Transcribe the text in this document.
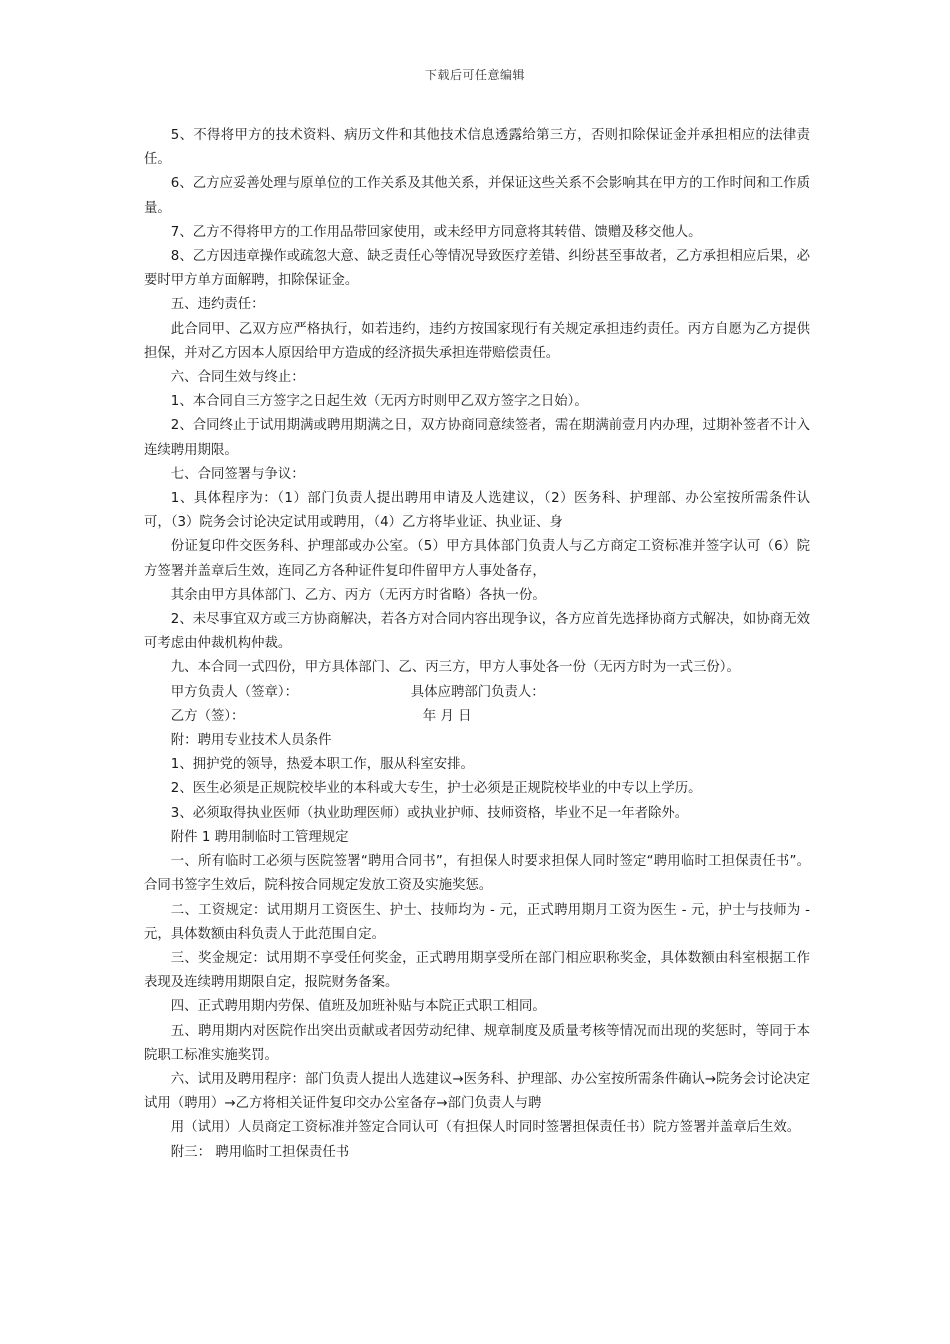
下载后可任意编辑

5、不得将甲方的技术资料、病历文件和其他技术信息透露给第三方，否则扣除保证金并承担相应的法律责任。

6、乙方应妥善处理与原单位的工作关系及其他关系，并保证这些关系不会影响其在甲方的工作时间和工作质量。

7、乙方不得将甲方的工作用品带回家使用，或未经甲方同意将其转借、馈赠及移交他人。

8、乙方因违章操作或疏忽大意、缺乏责任心等情况导致医疗差错、纠纷甚至事故者，乙方承担相应后果，必要时甲方单方面解聘，扣除保证金。

五、违约责任：

此合同甲、乙双方应严格执行，如若违约，违约方按国家现行有关规定承担违约责任。丙方自愿为乙方提供担保，并对乙方因本人原因给甲方造成的经济损失承担连带赔偿责任。

六、合同生效与终止：

1、本合同自三方签字之日起生效（无丙方时则甲乙双方签字之日始）。

2、合同终止于试用期满或聘用期满之日，双方协商同意续签者，需在期满前壹月内办理，过期补签者不计入连续聘用期限。

七、合同签署与争议：

1、具体程序为：（1）部门负责人提出聘用申请及人选建议，（2）医务科、护理部、办公室按所需条件认可，（3）院务会讨论决定试用或聘用，（4）乙方将毕业证、执业证、身

份证复印件交医务科、护理部或办公室。（5）甲方具体部门负责人与乙方商定工资标准并签字认可（6）院方签署并盖章后生效，连同乙方各种证件复印件留甲方人事处备存，

其余由甲方具体部门、乙方、丙方（无丙方时省略）各执一份。

2、未尽事宜双方或三方协商解决，若各方对合同内容出现争议，各方应首先选择协商方式解决，如协商无效可考虑由仲裁机构仲裁。

九、本合同一式四份，甲方具体部门、乙、丙三方，甲方人事处各一份（无丙方时为一式三份）。

甲方负责人（签章）：	具体应聘部门负责人：
乙方（签）：	年 月 日

附：聘用专业技术人员条件

1、拥护党的领导，热爱本职工作，服从科室安排。

2、医生必须是正规院校毕业的本科或大专生，护士必须是正规院校毕业的中专以上学历。

3、必须取得执业医师（执业助理医师）或执业护师、技师资格，毕业不足一年者除外。

附件 1 聘用制临时工管理规定

一、所有临时工必须与医院签署“聘用合同书”，有担保人时要求担保人同时签定“聘用临时工担保责任书”。合同书签字生效后，院科按合同规定发放工资及实施奖惩。

二、工资规定：试用期月工资医生、护士、技师均为 - 元，正式聘用期月工资为医生 - 元，护士与技师为 - 元，具体数额由科负责人于此范围自定。

三、奖金规定：试用期不享受任何奖金，正式聘用期享受所在部门相应职称奖金，具体数额由科室根据工作表现及连续聘用期限自定，报院财务备案。

四、正式聘用期内劳保、值班及加班补贴与本院正式职工相同。

五、聘用期内对医院作出突出贡献或者因劳动纪律、规章制度及质量考核等情况而出现的奖惩时，等同于本院职工标准实施奖罚。

六、试用及聘用程序：部门负责人提出人选建议→医务科、护理部、办公室按所需条件确认→院务会讨论决定试用（聘用）→乙方将相关证件复印交办公室备存→部门负责人与聘

用（试用）人员商定工资标准并签定合同认可（有担保人时同时签署担保责任书）院方签署并盖章后生效。

附三： 聘用临时工担保责任书
